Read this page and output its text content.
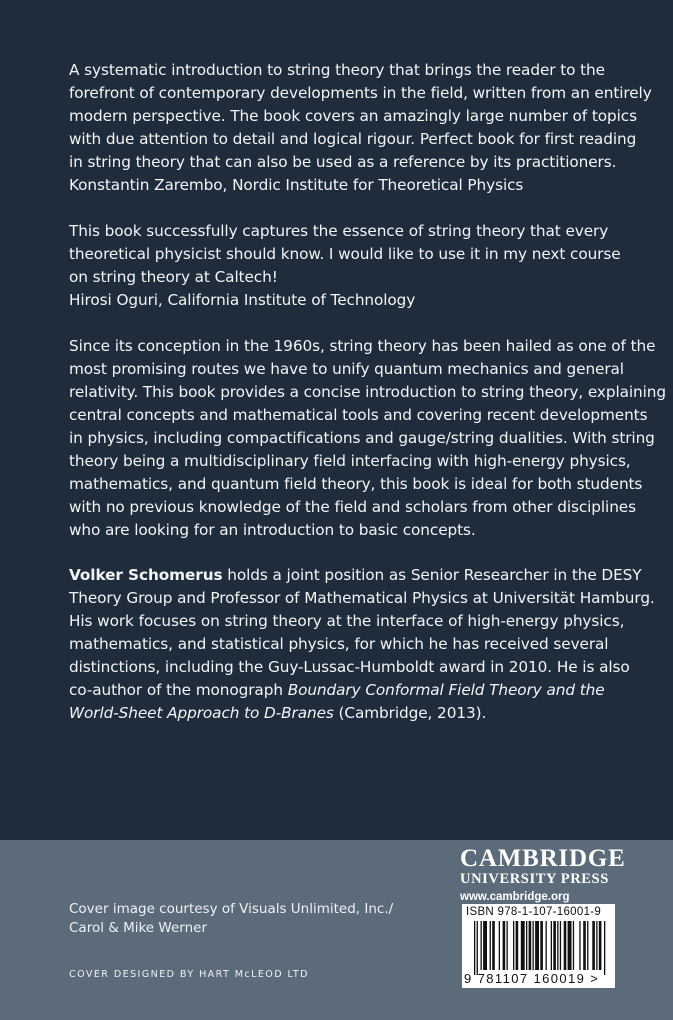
A systematic introduction to string theory that brings the reader to the
forefront of contemporary developments in the field, written from an entirely
modern perspective. The book covers an amazingly large number of topics
with due attention to detail and logical rigour. Perfect book for first reading
in string theory that can also be used as a reference by its practitioners.
Konstantin Zarembo, Nordic Institute for Theoretical Physics
This book successfully captures the essence of string theory that every
theoretical physicist should know. I would like to use it in my next course
on string theory at Caltech!
Hirosi Oguri, California Institute of Technology
Since its conception in the 1960s, string theory has been hailed as one of the
most promising routes we have to unify quantum mechanics and general
relativity. This book provides a concise introduction to string theory, explaining
central concepts and mathematical tools and covering recent developments
in physics, including compactifications and gauge/string dualities. With string
theory being a multidisciplinary field interfacing with high-energy physics,
mathematics, and quantum field theory, this book is ideal for both students
with no previous knowledge of the field and scholars from other disciplines
who are looking for an introduction to basic concepts.
Volker Schomerus holds a joint position as Senior Researcher in the DESY
Theory Group and Professor of Mathematical Physics at Universität Hamburg.
His work focuses on string theory at the interface of high-energy physics,
mathematics, and statistical physics, for which he has received several
distinctions, including the Guy-Lussac-Humboldt award in 2010. He is also
co-author of the monograph Boundary Conformal Field Theory and the
World-Sheet Approach to D-Branes (Cambridge, 2013).
Cover image courtesy of Visuals Unlimited, Inc./
Carol & Mike Werner
COVER DESIGNED BY HART McLEOD LTD
CAMBRIDGE
UNIVERSITY PRESS
www.cambridge.org
ISBN 978-1-107-16001-9
9 781107 160019 >
